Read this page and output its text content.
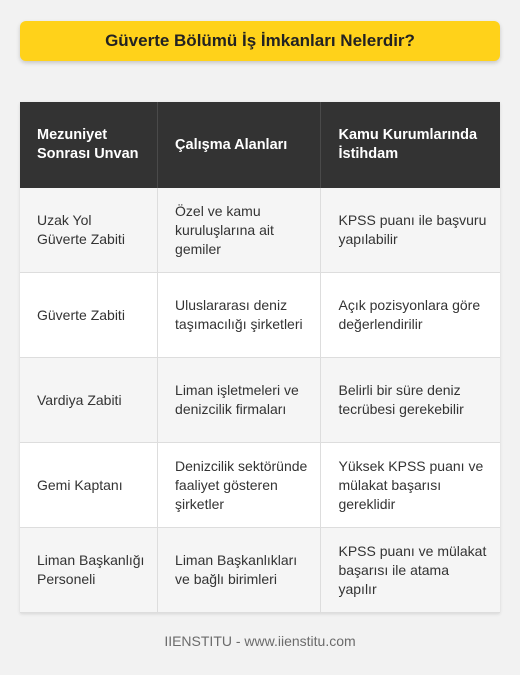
Güverte Bölümü İş İmkanları Nelerdir?
Mezuniyet Sonrası Unvan	Çalışma Alanları	Kamu Kurumlarında İstihdam
Uzak Yol Güverte Zabiti	Özel ve kamu kuruluşlarına ait gemiler	KPSS puanı ile başvuru yapılabilir
Güverte Zabiti	Uluslararası deniz taşımacılığı şirketleri	Açık pozisyonlara göre değerlendirilir
Vardiya Zabiti	Liman işletmeleri ve denizcilik firmaları	Belirli bir süre deniz tecrübesi gerekebilir
Gemi Kaptanı	Denizcilik sektöründe faaliyet gösteren şirketler	Yüksek KPSS puanı ve mülakat başarısı gereklidir
Liman Başkanlığı Personeli	Liman Başkanlıkları ve bağlı birimleri	KPSS puanı ve mülakat başarısı ile atama yapılır
IIENSTITU - www.iienstitu.com
